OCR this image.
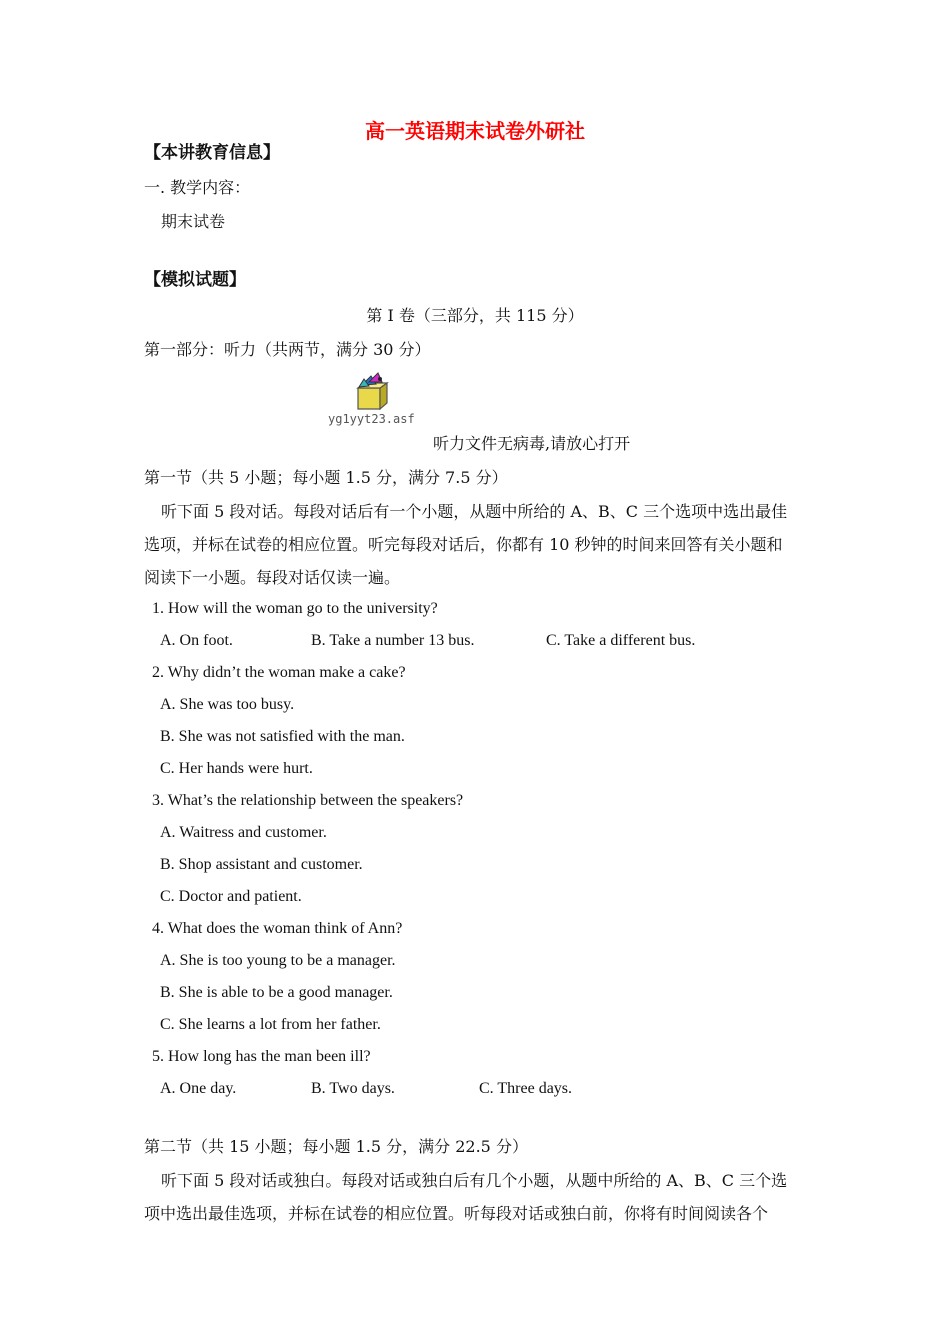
高一英语期末试卷外研社
【本讲教育信息】
一. 教学内容：
期末试卷
【模拟试题】
第 I 卷（三部分，共 115 分）
第一部分：听力（共两节，满分 30 分）
yg1yyt23.asf
听力文件无病毒,请放心打开
第一节（共 5 小题；每小题 1.5 分，满分 7.5 分）
听下面 5 段对话。每段对话后有一个小题，从题中所给的 A、B、C 三个选项中选出最佳
选项，并标在试卷的相应位置。听完每段对话后，你都有 10 秒钟的时间来回答有关小题和
阅读下一小题。每段对话仅读一遍。
1. How will the woman go to the university?
A. On foot.	B. Take a number 13 bus.	C. Take a different bus.
2. Why didn’t the woman make a cake?
A. She was too busy.
B. She was not satisfied with the man.
C. Her hands were hurt.
3. What’s the relationship between the speakers?
A. Waitress and customer.
B. Shop assistant and customer.
C. Doctor and patient.
4. What does the woman think of Ann?
A. She is too young to be a manager.
B. She is able to be a good manager.
C. She learns a lot from her father.
5. How long has the man been ill?
A. One day.	B. Two days.	C. Three days.
第二节（共 15 小题；每小题 1.5 分，满分 22.5 分）
听下面 5 段对话或独白。每段对话或独白后有几个小题，从题中所给的 A、B、C 三个选
项中选出最佳选项，并标在试卷的相应位置。听每段对话或独白前，你将有时间阅读各个
